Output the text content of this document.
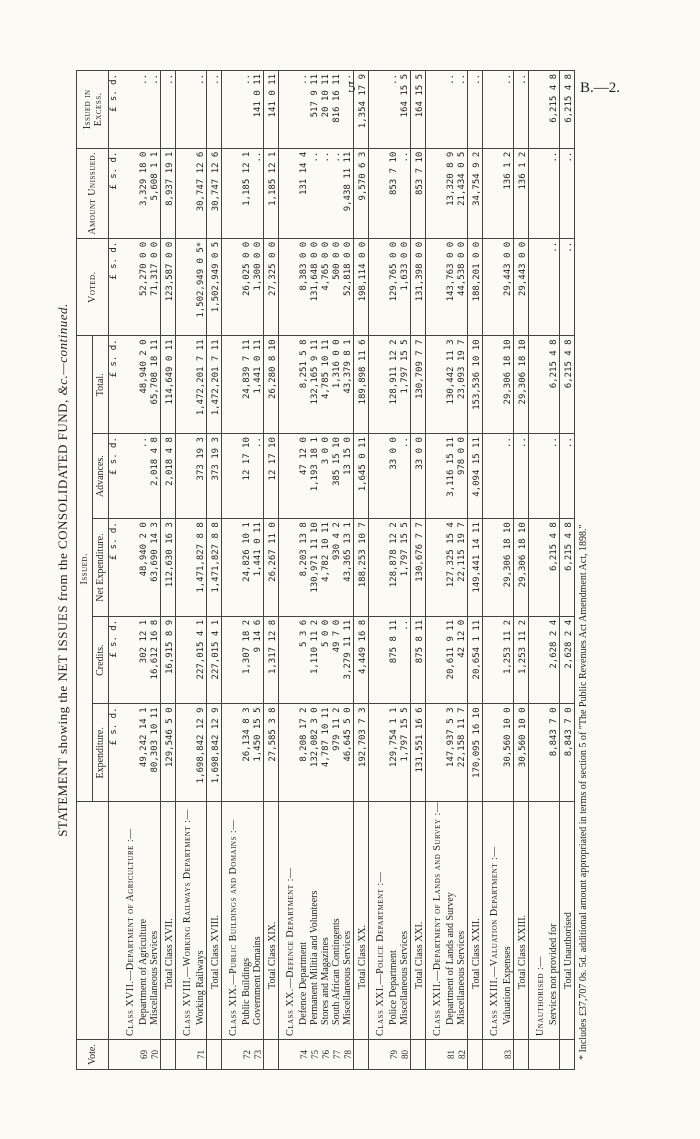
5	B.—2.
STATEMENT showing the NET ISSUES from the CONSOLIDATED FUND, &c.—continued.
Vote.		Issued.					Voted.	Amount Unissued.	Issued in Excess.
		Expenditure.	Credits.	Net Expenditure.	Advances.	Total.			
		£ s. d.	£ s. d.	£ s. d.	£ s. d.	£ s. d.	£ s. d.	£ s. d.	£ s. d.
	Class XVII.—Department of Agriculture :—								
69	Department of Agriculture	49,242 14 1	302 12 1	48,940 2 0	..	48,940 2 0	52,270 0 0	3,329 18 0	..
70	Miscellaneous Services	80,303 10 11	16,612 16 8	63,690 14 3	2,018 4 8	65,708 18 11	71,317 0 0	5,608 1 1	..
	Total Class XVII.	129,546 5 0	16,915 8 9	112,630 16 3	2,018 4 8	114,649 0 11	123,587 0 0	8,937 19 1	..
	Class XVIII.—Working Railways Department :—								
71	Working Railways	1,698,842 12 9	227,015 4 1	1,471,827 8 8	373 19 3	1,472,201 7 11	1,502,949 0 5*	30,747 12 6	..
	Total Class XVIII.	1,698,842 12 9	227,015 4 1	1,471,827 8 8	373 19 3	1,472,201 7 11	1,502,949 0 5	30,747 12 6	..
	Class XIX.—Public Buildings and Domains :—								
72	Public Buildings	26,134 8 3	1,307 18 2	24,826 10 1	12 17 10	24,839 7 11	26,025 0 0	1,185 12 1	..
73	Government Domains	1,450 15 5	9 14 6	1,441 0 11	..	1,441 0 11	1,300 0 0	..	141 0 11
	Total Class XIX.	27,585 3 8	1,317 12 8	26,267 11 0	12 17 10	26,280 8 10	27,325 0 0	1,185 12 1	141 0 11
	Class XX.—Defence Department :—								
74	Defence Department	8,208 17 2	5 3 6	8,203 13 8	47 12 0	8,251 5 8	8,383 0 0	131 14 4	..
75	Permanent Militia and Volunteers	132,082 3 0	1,110 11 2	130,971 11 10	1,193 18 1	132,165 9 11	131,648 0 0	..	517 9 11
76	Stores and Magazines	4,787 10 11	5 0 0	4,782 10 11	3 0 0	4,785 10 11	4,765 0 0	..	20 10 11
77	South African Contingents	979 11 2	49 7 0	930 4 2	385 15 10	1,316 0 0	500 0 0	..	816 16 11
78	Miscellaneous Services	46,645 5 0	3,279 11 11	43,365 13 1	13 15 0	43,379 8 1	52,818 0 0	9,438 11 11	..
	Total Class XX.	192,703 7 3	4,449 16 8	188,253 10 7	1,645 0 11	189,898 11 6	198,114 0 0	9,570 6 3	1,354 17 9
	Class XXI.—Police Department :—								
79	Police Department	129,754 1 1	875 8 11	128,878 12 2	33 0 0	128,911 12 2	129,765 0 0	853 7 10	..
80	Miscellaneous Services	1,797 15 5	..	1,797 15 5	..	1,797 15 5	1,633 0 0	..	164 15 5
	Total Class XXI.	131,551 16 6	875 8 11	130,676 7 7	33 0 0	130,709 7 7	131,398 0 0	853 7 10	164 15 5
	Class XXII.—Department of Lands and Survey :—								
81	Department of Lands and Survey	147,937 5 3	20,611 9 11	127,325 15 4	3,116 15 11	130,442 11 3	143,763 0 0	13,320 8 9	..
82	Miscellaneous Services	22,158 11 7	42 12 0	22,115 19 7	978 0 0	23,093 19 7	44,538 0 0	21,434 0 5	..
	Total Class XXII.	170,095 16 10	20,654 1 11	149,441 14 11	4,094 15 11	153,536 10 10	188,201 0 0	34,754 9 2	..
	Class XXIII.—Valuation Department :—								
83	Valuation Expenses	30,560 10 0	1,253 11 2	29,306 18 10	..	29,306 18 10	29,443 0 0	136 1 2	..
	Total Class XXIII.	30,560 10 0	1,253 11 2	29,306 18 10	..	29,306 18 10	29,443 0 0	136 1 2	..
	Unauthorised :—								
	Services not provided for	8,843 7 0	2,628 2 4	6,215 4 8	..	6,215 4 8	..	..	6,215 4 8
	Total Unauthorised	8,843 7 0	2,628 2 4	6,215 4 8	..	6,215 4 8	..	..	6,215 4 8
* Includes £37,707 0s. 5d. additional amount appropriated in terms of section 5 of "The Public Revenues Act Amendment Act, 1898."
